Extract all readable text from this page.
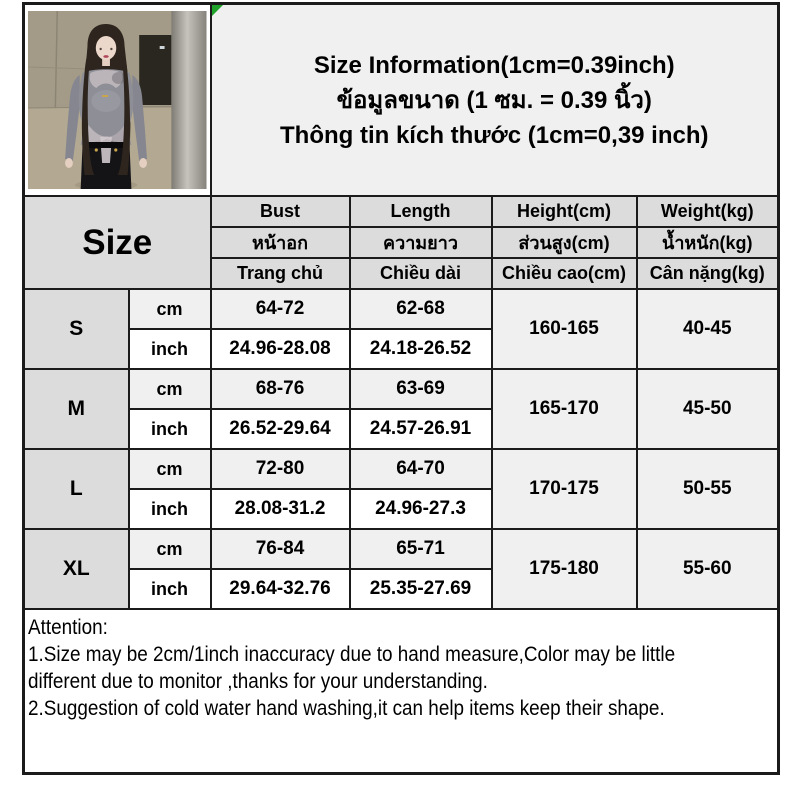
Size Information(1cm=0.39inch)
ข้อมูลขนาด (1 ซม. = 0.39 นิ้ว)
Thông tin kích thước (1cm=0,39 inch)			

Size		Bust	Length	Height(cm)	Weight(kg)
		หน้าอก	ความยาว	ส่วนสูง(cm)	น้ำหนัก(kg)
		Trang chủ	Chiều dài	Chiều cao(cm)	Cân nặng(kg)
S	cm	64-72	62-68	160-165	40-45
	inch	24.96-28.08	24.18-26.52		
M	cm	68-76	63-69	165-170	45-50
	inch	26.52-29.64	24.57-26.91		
L	cm	72-80	64-70	170-175	50-55
	inch	28.08-31.2	24.96-27.3		
XL	cm	76-84	65-71	175-180	55-60
	inch	29.64-32.76	25.35-27.69		

Attention:
1.Size may be 2cm/1inch inaccuracy due to hand measure,Color may be little
different due to monitor ,thanks for your understanding.
2.Suggestion of cold water hand washing,it can help items keep their shape.					
